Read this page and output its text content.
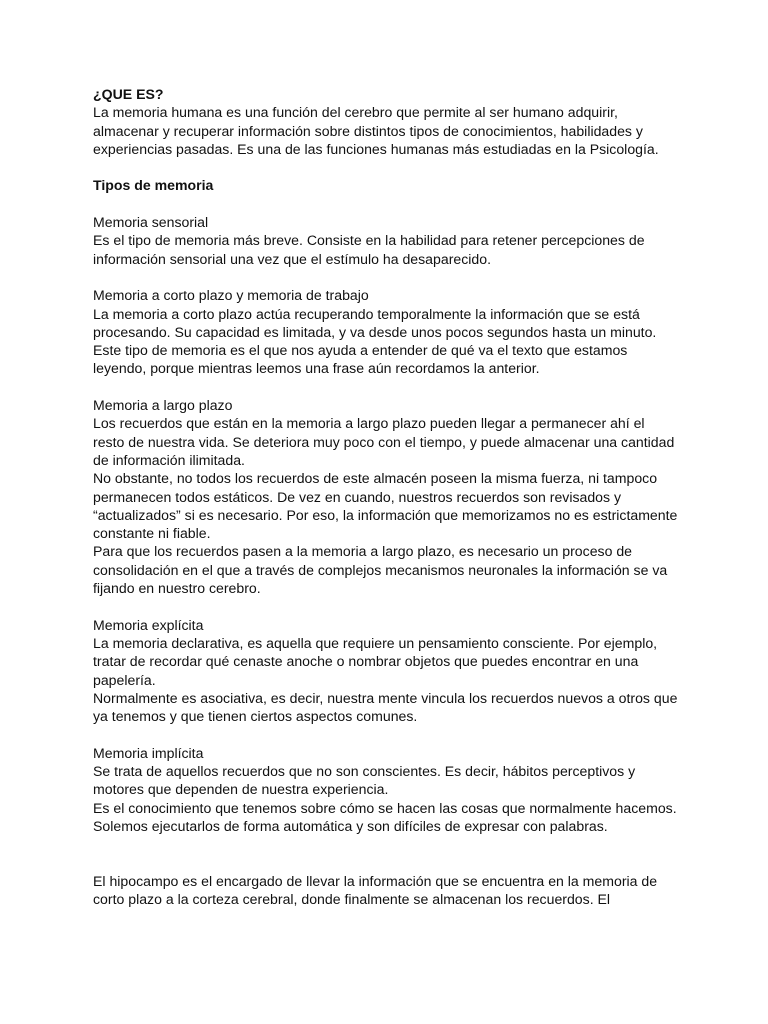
¿QUE ES?

La memoria humana es una función del cerebro que permite al ser humano adquirir, almacenar y recuperar información sobre distintos tipos de conocimientos, habilidades y experiencias pasadas. Es una de las funciones humanas más estudiadas en la Psicología.

Tipos de memoria

Memoria sensorial

Es el tipo de memoria más breve. Consiste en la habilidad para retener percepciones de información sensorial una vez que el estímulo ha desaparecido.

Memoria a corto plazo y memoria de trabajo

La memoria a corto plazo actúa recuperando temporalmente la información que se está procesando. Su capacidad es limitada, y va desde unos pocos segundos hasta un minuto. Este tipo de memoria es el que nos ayuda a entender de qué va el texto que estamos leyendo, porque mientras leemos una frase aún recordamos la anterior.

Memoria a largo plazo

Los recuerdos que están en la memoria a largo plazo pueden llegar a permanecer ahí el resto de nuestra vida. Se deteriora muy poco con el tiempo, y puede almacenar una cantidad de información ilimitada.

No obstante, no todos los recuerdos de este almacén poseen la misma fuerza, ni tampoco permanecen todos estáticos. De vez en cuando, nuestros recuerdos son revisados y “actualizados” si es necesario. Por eso, la información que memorizamos no es estrictamente constante ni fiable.

Para que los recuerdos pasen a la memoria a largo plazo, es necesario un proceso de consolidación en el que a través de complejos mecanismos neuronales la información se va fijando en nuestro cerebro.

Memoria explícita

La memoria declarativa, es aquella que requiere un pensamiento consciente. Por ejemplo, tratar de recordar qué cenaste anoche o nombrar objetos que puedes encontrar en una papelería.

Normalmente es asociativa, es decir, nuestra mente vincula los recuerdos nuevos a otros que ya tenemos y que tienen ciertos aspectos comunes.

Memoria implícita

Se trata de aquellos recuerdos que no son conscientes. Es decir, hábitos perceptivos y motores que dependen de nuestra experiencia.

Es el conocimiento que tenemos sobre cómo se hacen las cosas que normalmente hacemos. Solemos ejecutarlos de forma automática y son difíciles de expresar con palabras.

El hipocampo es el encargado de llevar la información que se encuentra en la memoria de corto plazo a la corteza cerebral, donde finalmente se almacenan los recuerdos. El
